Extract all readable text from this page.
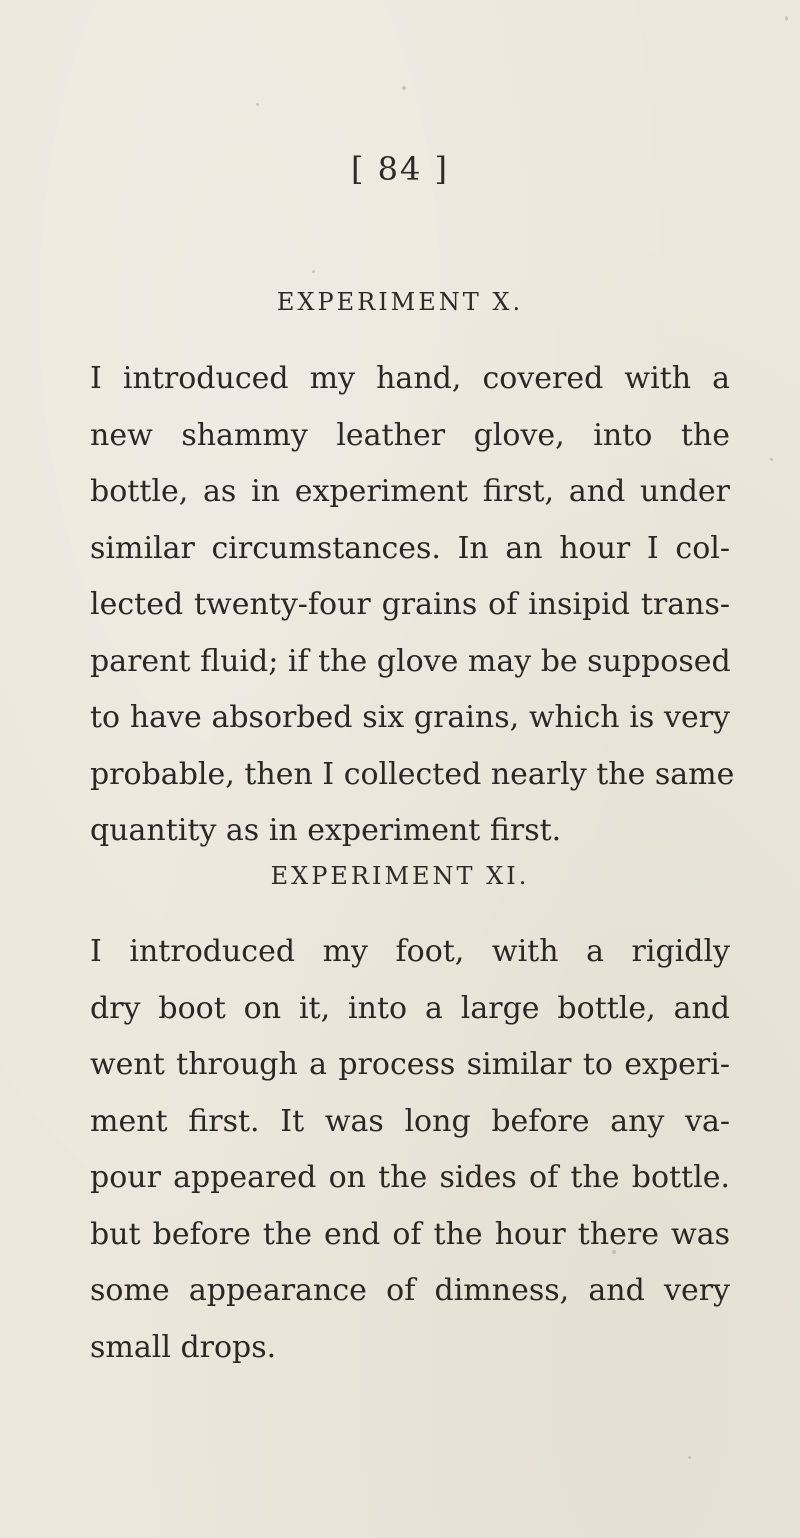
[ 84 ]
EXPERIMENT X.
I introduced my hand, covered with a
new shammy leather glove, into the
bottle, as in experiment first, and under
similar circumstances. In an hour I col-
lected twenty-four grains of insipid trans-
parent fluid; if the glove may be supposed
to have absorbed six grains, which is very
probable, then I collected nearly the same
quantity as in experiment first.
EXPERIMENT XI.
I introduced my foot, with a rigidly
dry boot on it, into a large bottle, and
went through a process similar to experi-
ment first. It was long before any va-
pour appeared on the sides of the bottle.
but before the end of the hour there was
some appearance of dimness, and very
small drops.
